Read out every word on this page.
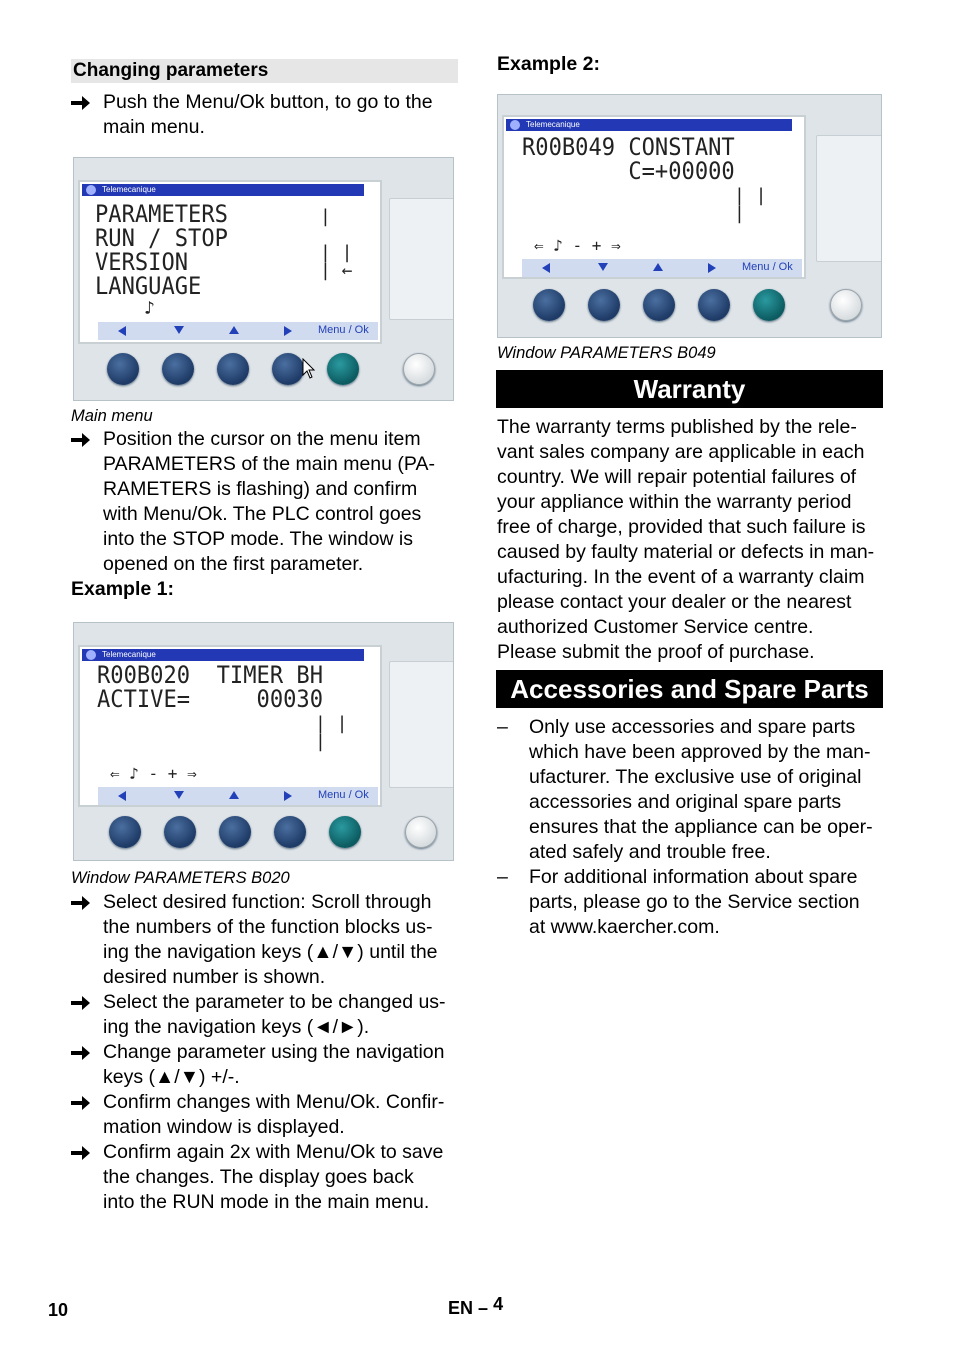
Changing parameters
Push the Menu/Ok button, to go to the
main menu.
Telemecanique
PARAMETERS
RUN / STOP
VERSION
LANGUAGE
|

| |
| ←
♪
Menu / Ok
Main menu
Position the cursor on the menu item
PARAMETERS of the main menu (PA-
RAMETERS is flashing) and confirm
with Menu/Ok. The PLC control goes
into the STOP mode. The window is
opened on the first parameter.
Example 1:
Telemecanique
R00B020  TIMER BH
ACTIVE=     00030
| |
|
⇐ ♪ - + ⇒
Menu / Ok
Window PARAMETERS B020
Select desired function: Scroll through
the numbers of the function blocks us-
ing the navigation keys (▲/▼) until the
desired number is shown.
Select the parameter to be changed us-
ing the navigation keys (◄/►).
Change parameter using the navigation
keys (▲/▼) +/-.
Confirm changes with Menu/Ok. Confir-
mation window is displayed.
Confirm again 2x with Menu/Ok to save
the changes. The display goes back
into the RUN mode in the main menu.
Example 2:
Telemecanique
R00B049 CONSTANT
C=+00000
| |
|
⇐ ♪ - + ⇒
Menu / Ok
Window PARAMETERS B049
Warranty
The warranty terms published by the rele-
vant sales company are applicable in each
country. We will repair potential failures of
your appliance within the warranty period
free of charge, provided that such failure is
caused by faulty material or defects in man-
ufacturing. In the event of a warranty claim
please contact your dealer or the nearest
authorized Customer Service centre.
Please submit the proof of purchase.
Accessories and Spare Parts
– Only use accessories and spare parts
which have been approved by the man-
ufacturer. The exclusive use of original
accessories and original spare parts
ensures that the appliance can be oper-
ated safely and trouble free.
– For additional information about spare
parts, please go to the Service section
at www.kaercher.com.
10	EN – 4
